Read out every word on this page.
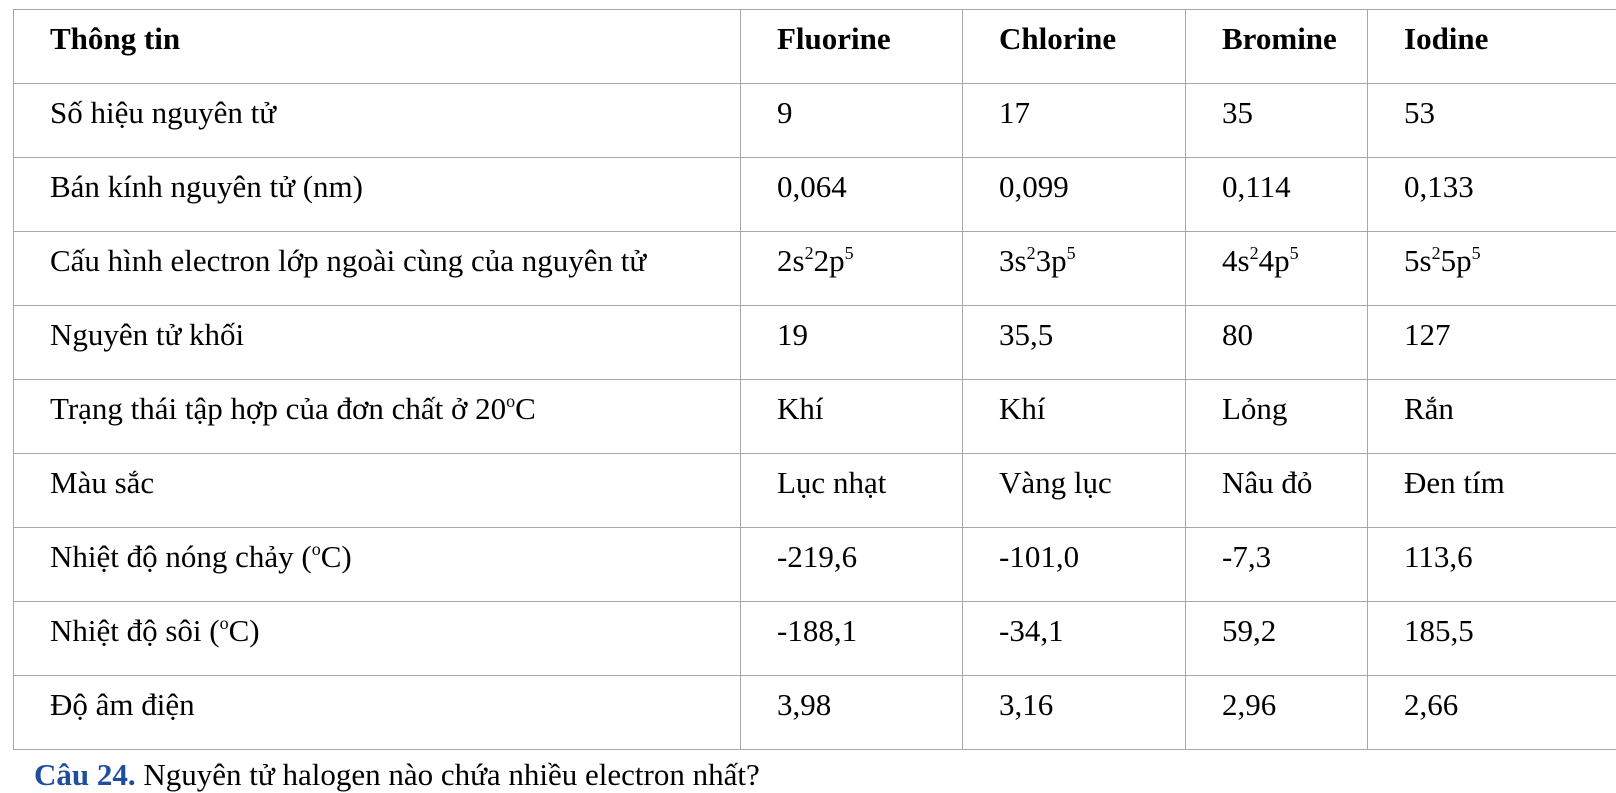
Thông tin	Fluorine	Chlorine	Bromine	Iodine
Số hiệu nguyên tử	9	17	35	53
Bán kính nguyên tử (nm)	0,064	0,099	0,114	0,133
Cấu hình electron lớp ngoài cùng của nguyên tử	$2s^22p^5$	$3s^23p^5$	$4s^24p^5$	$5s^25p^5$
Nguyên tử khối	19	35,5	80	127
Trạng thái tập hợp của đơn chất ở 20$^o$C	Khí	Khí	Lỏng	Rắn
Màu sắc	Lục nhạt	Vàng lục	Nâu đỏ	Đen tím
Nhiệt độ nóng chảy ($^o$C)	-219,6	-101,0	-7,3	113,6
Nhiệt độ sôi ($^o$C)	-188,1	-34,1	59,2	185,5
Độ âm điện	3,98	3,16	2,96	2,66
Câu 24. Nguyên tử halogen nào chứa nhiều electron nhất?
